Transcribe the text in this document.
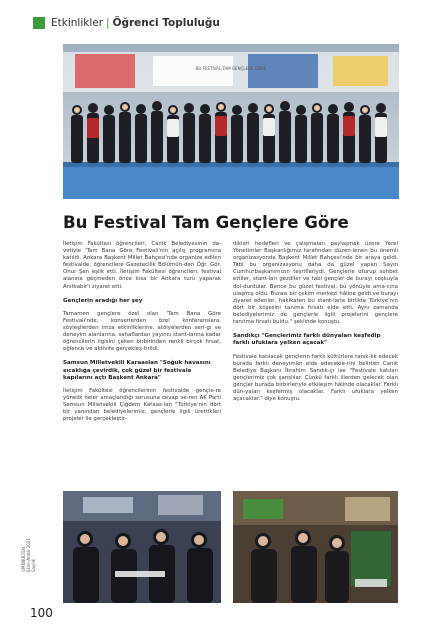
Etkinlikler | Öğrenci Topluluğu
BU FESTİVAL TAM GENÇLERE GÖRE
Bu Festival Tam Gençlere Göre

İletişim Fakültesi öğrencileri, Canik Belediyesinin da-vetiyle 'Tam Bana Göre Festivali'nin açılış programına katıldı. Ankara Başkent Millet Bahçesi'nde organize edilen festivalde, öğrencilere Gazetecilik Bölümün-den Öğr. Gör. Onur Şen eşlik etti. İletişim Fakültesi öğrencileri, festival alanına geçmeden önce kısa bir Ankara turu yaparak Anıtkabir'i ziyaret etti.

Gençlerin aradığı her şey

Tamamen gençlere özel olan 'Tam Bana Göre Festivali'nde, konserlerden özel konferanslara, söyleşilerden imza etkinliklerine, atölyelerden seri-gi ve deneyim alanlarına, sahaflardan yayıncı stant-larına kadar öğrencilerin ilgisini çeken birbirinden renkli birçok fırsat, eğlence ve aktivite gerçekleş-tirildi.

Samsun Milletvekili Karaaslan "Soğuk havasını sıcaklığa çevirdik, çok güzel bir festivale kapılarını açtı Başkent Ankara"

İletişim Fakültesi öğrencilerinin festivalde gençle-re yönelik neler amaçlandığı sorusuna cevap ve-ren AK Parti Samsun Milletvekili Çiğdem Karaas-lan "Türkiye'nin dört bir yanından belediyelerimiz, gençlerle ilgili ürettikleri projeler ile gerçekleştir-

dikleri hedefleri ve çalışmaları paylaşmak üzere Yerel Yönetimler Başkanlığımız tarafından düzen-lenen bu önemli organizasyonda Başkent Millet Bahçesi'nde bir araya geldi. Tabi bu organizasyonu daha da güzel yapan Sayın Cumhurbaşkanımızın teşrifleriydi. Gençlerle oturup sohbet ettiler, stant-ları gezdiler ve tabi gençler de burayı coşkuyla dol-durdular. Bence bu güzel festival, bu yönüyle ama-cına ulaşmış oldu. Burası bir çekim merkezi hâline geldi ve burayı ziyaret edenler, hakikaten bu stant-larla birlikte Türkiye'nin dört bir köşesini tanıma fırsatı elde etti. Aynı zamanda belediyelerimiz de gençlerle ilgili projelerini gençlere tanıtma fırsatı buldu." şeklinde konuştu.

Sandıkçı "Gençlerimiz farklı dünyaları keşfedip farklı ufuklara yelken açacak"

Festivale katılacak gençlerin farklı kültürlere tanık-lık edecek burada farklı deneyimler elde edecekle-rini belirten Canik Belediye Başkanı İbrahim Sandık-çı ise "Festivale katılan gençlerimiz çok şanslılar. Çünkü farklı illerden gelecek olan gençler burada birbirleriyle etkileşim hâlinde olacaklar. Farklı dün-yaları keşfetmiş olacaklar. Farklı ufuklara yelken açacaklar." diye konuştu.

OMÜBÜLTEN Ekim-Aralık 2021 Sayılık
100
